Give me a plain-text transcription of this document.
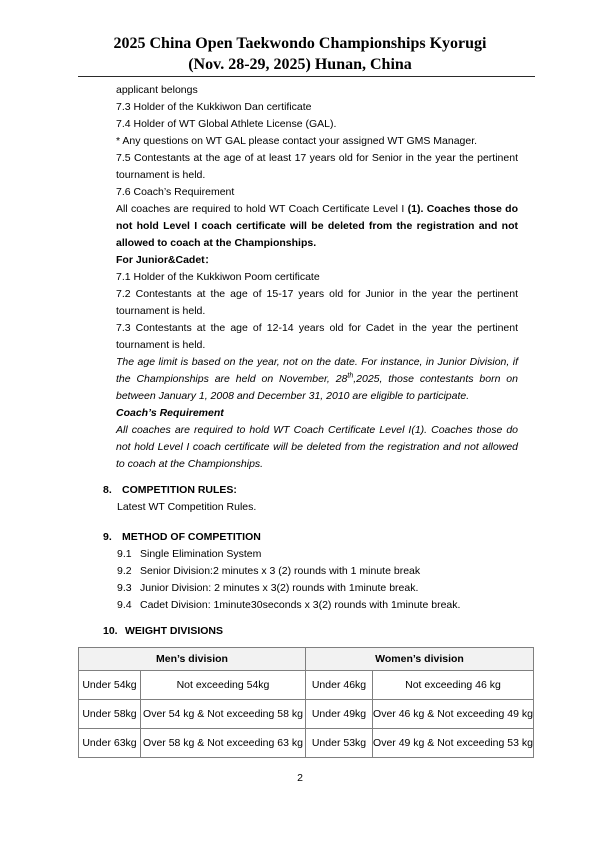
2025 China Open Taekwondo Championships Kyorugi
(Nov. 28-29, 2025) Hunan, China

applicant belongs

7.3 Holder of the Kukkiwon Dan certificate

7.4 Holder of WT Global Athlete License (GAL).

* Any questions on WT GAL please contact your assigned WT GMS Manager.

7.5 Contestants at the age of at least 17 years old for Senior in the year the pertinent tournament is held.

7.6 Coach’s Requirement

All coaches are required to hold WT Coach Certificate Level I (1). Coaches those do not hold Level I coach certificate will be deleted from the registration and not allowed to coach at the Championships.

For Junior&Cadet：

7.1 Holder of the Kukkiwon Poom certificate

7.2 Contestants at the age of 15-17 years old for Junior in the year the pertinent tournament is held.

7.3 Contestants at the age of 12-14 years old for Cadet in the year the pertinent tournament is held.

The age limit is based on the year, not on the date. For instance, in Junior Division, if the Championships are held on November, 28th,2025, those contestants born on between January 1, 2008 and December 31, 2010 are eligible to participate.

Coach’s Requirement

All coaches are required to hold WT Coach Certificate Level I(1). Coaches those do not hold Level I coach certificate will be deleted from the registration and not allowed to coach at the Championships.

8. COMPETITION RULES:
Latest WT Competition Rules.
9. METHOD OF COMPETITION
9.1 Single Elimination System
9.2 Senior Division:2 minutes x 3 (2) rounds with 1 minute break
9.3 Junior Division: 2 minutes x 3(2) rounds with 1minute break.
9.4 Cadet Division: 1minute30seconds x 3(2) rounds with 1minute break.
10. WEIGHT DIVISIONS
Men’s division		Women’s division	
Under 54kg	Not exceeding 54kg	Under 46kg	Not exceeding 46 kg
Under 58kg	Over 54 kg & Not exceeding 58 kg	Under 49kg	Over 46 kg & Not exceeding 49 kg
Under 63kg	Over 58 kg & Not exceeding 63 kg	Under 53kg	Over 49 kg & Not exceeding 53 kg
2
